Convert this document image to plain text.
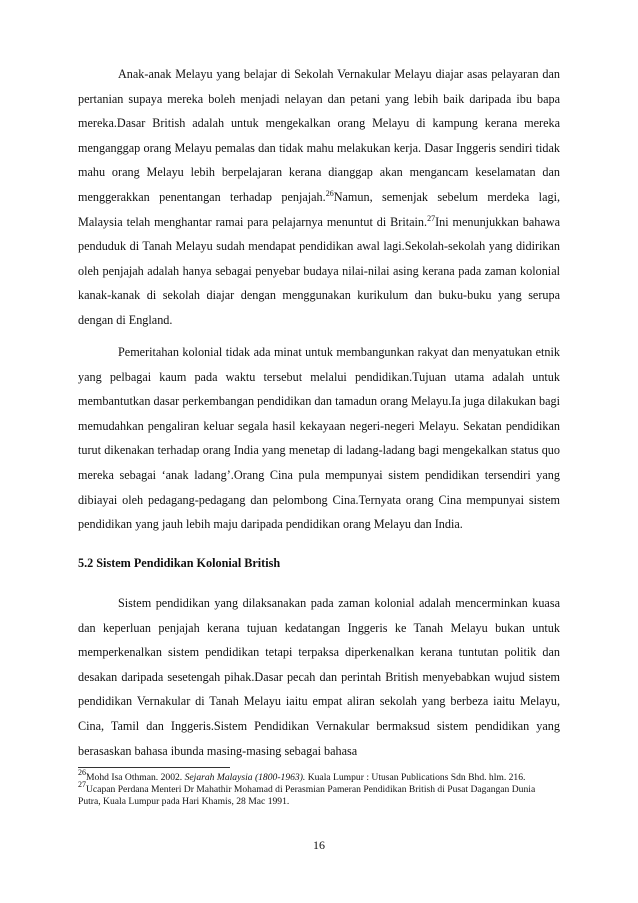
Anak-anak Melayu yang belajar di Sekolah Vernakular Melayu diajar asas pelayaran dan pertanian supaya mereka boleh menjadi nelayan dan petani yang lebih baik daripada ibu bapa mereka.Dasar British adalah untuk mengekalkan orang Melayu di kampung kerana mereka menganggap orang Melayu pemalas dan tidak mahu melakukan kerja. Dasar Inggeris sendiri tidak mahu orang Melayu lebih berpelajaran kerana dianggap akan mengancam keselamatan dan menggerakkan penentangan terhadap penjajah.$^{26}$Namun, semenjak sebelum merdeka lagi, Malaysia telah menghantar ramai para pelajarnya menuntut di Britain.$^{27}$Ini menunjukkan bahawa penduduk di Tanah Melayu sudah mendapat pendidikan awal lagi.Sekolah-sekolah yang didirikan oleh penjajah adalah hanya sebagai penyebar budaya nilai-nilai asing kerana pada zaman kolonial kanak-kanak di sekolah diajar dengan menggunakan kurikulum dan buku-buku yang serupa dengan di England.

Pemeritahan kolonial tidak ada minat untuk membangunkan rakyat dan menyatukan etnik yang pelbagai kaum pada waktu tersebut melalui pendidikan.Tujuan utama adalah untuk membantutkan dasar perkembangan pendidikan dan tamadun orang Melayu.Ia juga dilakukan bagi memudahkan pengaliran keluar segala hasil kekayaan negeri-negeri Melayu. Sekatan pendidikan turut dikenakan terhadap orang India yang menetap di ladang-ladang bagi mengekalkan status quo mereka sebagai ‘anak ladang’.Orang Cina pula mempunyai sistem pendidikan tersendiri yang dibiayai oleh pedagang-pedagang dan pelombong Cina.Ternyata orang Cina mempunyai sistem pendidikan yang jauh lebih maju daripada pendidikan orang Melayu dan India.

5.2 Sistem Pendidikan Kolonial British

Sistem pendidikan yang dilaksanakan pada zaman kolonial adalah mencerminkan kuasa dan keperluan penjajah kerana tujuan kedatangan Inggeris ke Tanah Melayu bukan untuk memperkenalkan sistem pendidikan tetapi terpaksa diperkenalkan kerana tuntutan politik dan desakan daripada sesetengah pihak.Dasar pecah dan perintah British menyebabkan wujud sistem pendidikan Vernakular di Tanah Melayu iaitu empat aliran sekolah yang berbeza iaitu Melayu, Cina, Tamil dan Inggeris.Sistem Pendidikan Vernakular bermaksud sistem pendidikan yang berasaskan bahasa ibunda masing-masing sebagai bahasa

$^{26}$Mohd Isa Othman. 2002. Sejarah Malaysia (1800-1963). Kuala Lumpur : Utusan Publications Sdn Bhd. hlm. 216.

$^{27}$Ucapan Perdana Menteri Dr Mahathir Mohamad di Perasmian Pameran Pendidikan British di Pusat Dagangan Dunia Putra, Kuala Lumpur pada Hari Khamis, 28 Mac 1991.

16
